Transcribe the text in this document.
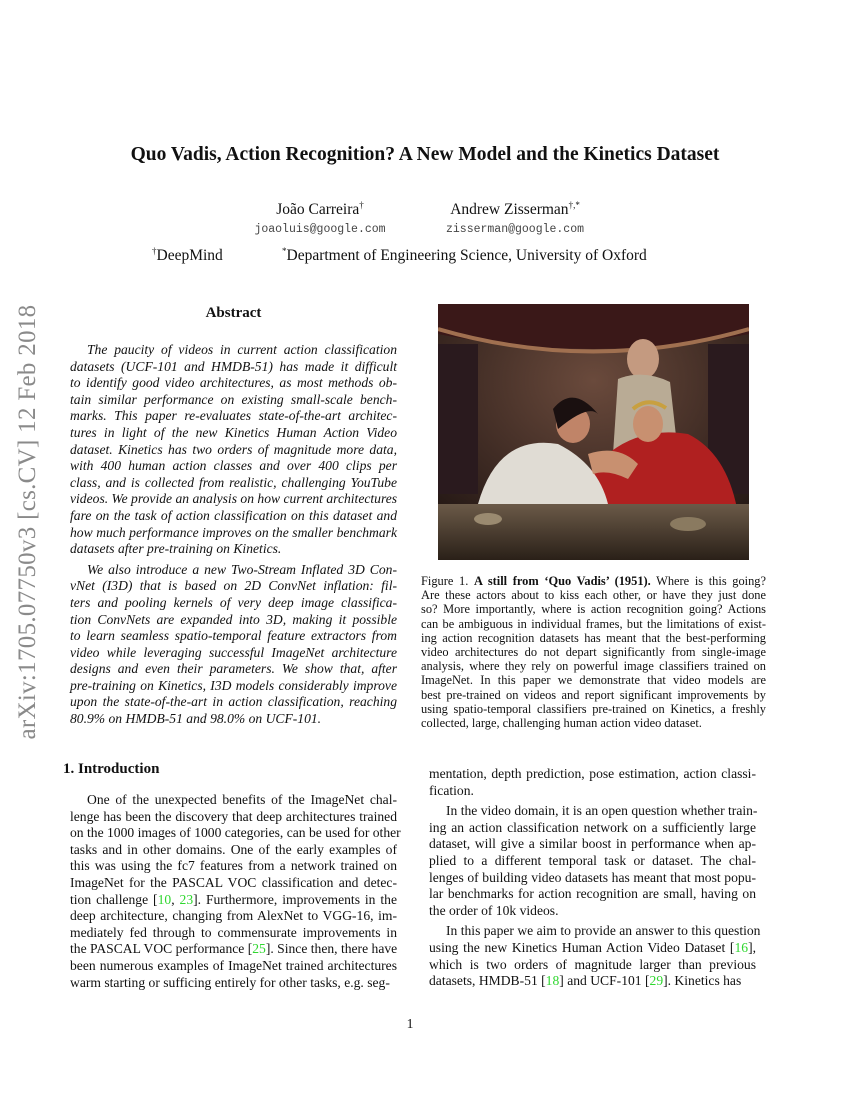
arXiv:1705.07750v3 [cs.CV] 12 Feb 2018
Quo Vadis, Action Recognition? A New Model and the Kinetics Dataset
João Carreira†
joaoluis@google.com
Andrew Zisserman†,*
zisserman@google.com
†DeepMind	*Department of Engineering Science, University of Oxford
Abstract
The paucity of videos in current action classification
datasets (UCF-101 and HMDB-51) has made it difficult
to identify good video architectures, as most methods ob-
tain similar performance on existing small-scale bench-
marks. This paper re-evaluates state-of-the-art architec-
tures in light of the new Kinetics Human Action Video
dataset. Kinetics has two orders of magnitude more data,
with 400 human action classes and over 400 clips per
class, and is collected from realistic, challenging YouTube
videos. We provide an analysis on how current architectures
fare on the task of action classification on this dataset and
how much performance improves on the smaller benchmark
datasets after pre-training on Kinetics.
We also introduce a new Two-Stream Inflated 3D Con-
vNet (I3D) that is based on 2D ConvNet inflation: fil-
ters and pooling kernels of very deep image classifica-
tion ConvNets are expanded into 3D, making it possible
to learn seamless spatio-temporal feature extractors from
video while leveraging successful ImageNet architecture
designs and even their parameters. We show that, after
pre-training on Kinetics, I3D models considerably improve
upon the state-of-the-art in action classification, reaching
80.9% on HMDB-51 and 98.0% on UCF-101.
Figure 1. A still from ‘Quo Vadis’ (1951). Where is this going?
Are these actors about to kiss each other, or have they just done
so? More importantly, where is action recognition going? Actions
can be ambiguous in individual frames, but the limitations of exist-
ing action recognition datasets has meant that the best-performing
video architectures do not depart significantly from single-image
analysis, where they rely on powerful image classifiers trained on
ImageNet. In this paper we demonstrate that video models are
best pre-trained on videos and report significant improvements by
using spatio-temporal classifiers pre-trained on Kinetics, a freshly
collected, large, challenging human action video dataset.
1. Introduction
One of the unexpected benefits of the ImageNet chal-
lenge has been the discovery that deep architectures trained
on the 1000 images of 1000 categories, can be used for other
tasks and in other domains. One of the early examples of
this was using the fc7 features from a network trained on
ImageNet for the PASCAL VOC classification and detec-
tion challenge [10, 23]. Furthermore, improvements in the
deep architecture, changing from AlexNet to VGG-16, im-
mediately fed through to commensurate improvements in
the PASCAL VOC performance [25]. Since then, there have
been numerous examples of ImageNet trained architectures
warm starting or sufficing entirely for other tasks, e.g. seg-
mentation, depth prediction, pose estimation, action classi-
fication.
In the video domain, it is an open question whether train-
ing an action classification network on a sufficiently large
dataset, will give a similar boost in performance when ap-
plied to a different temporal task or dataset. The chal-
lenges of building video datasets has meant that most popu-
lar benchmarks for action recognition are small, having on
the order of 10k videos.
In this paper we aim to provide an answer to this question
using the new Kinetics Human Action Video Dataset [16],
which is two orders of magnitude larger than previous
datasets, HMDB-51 [18] and UCF-101 [29]. Kinetics has
1
